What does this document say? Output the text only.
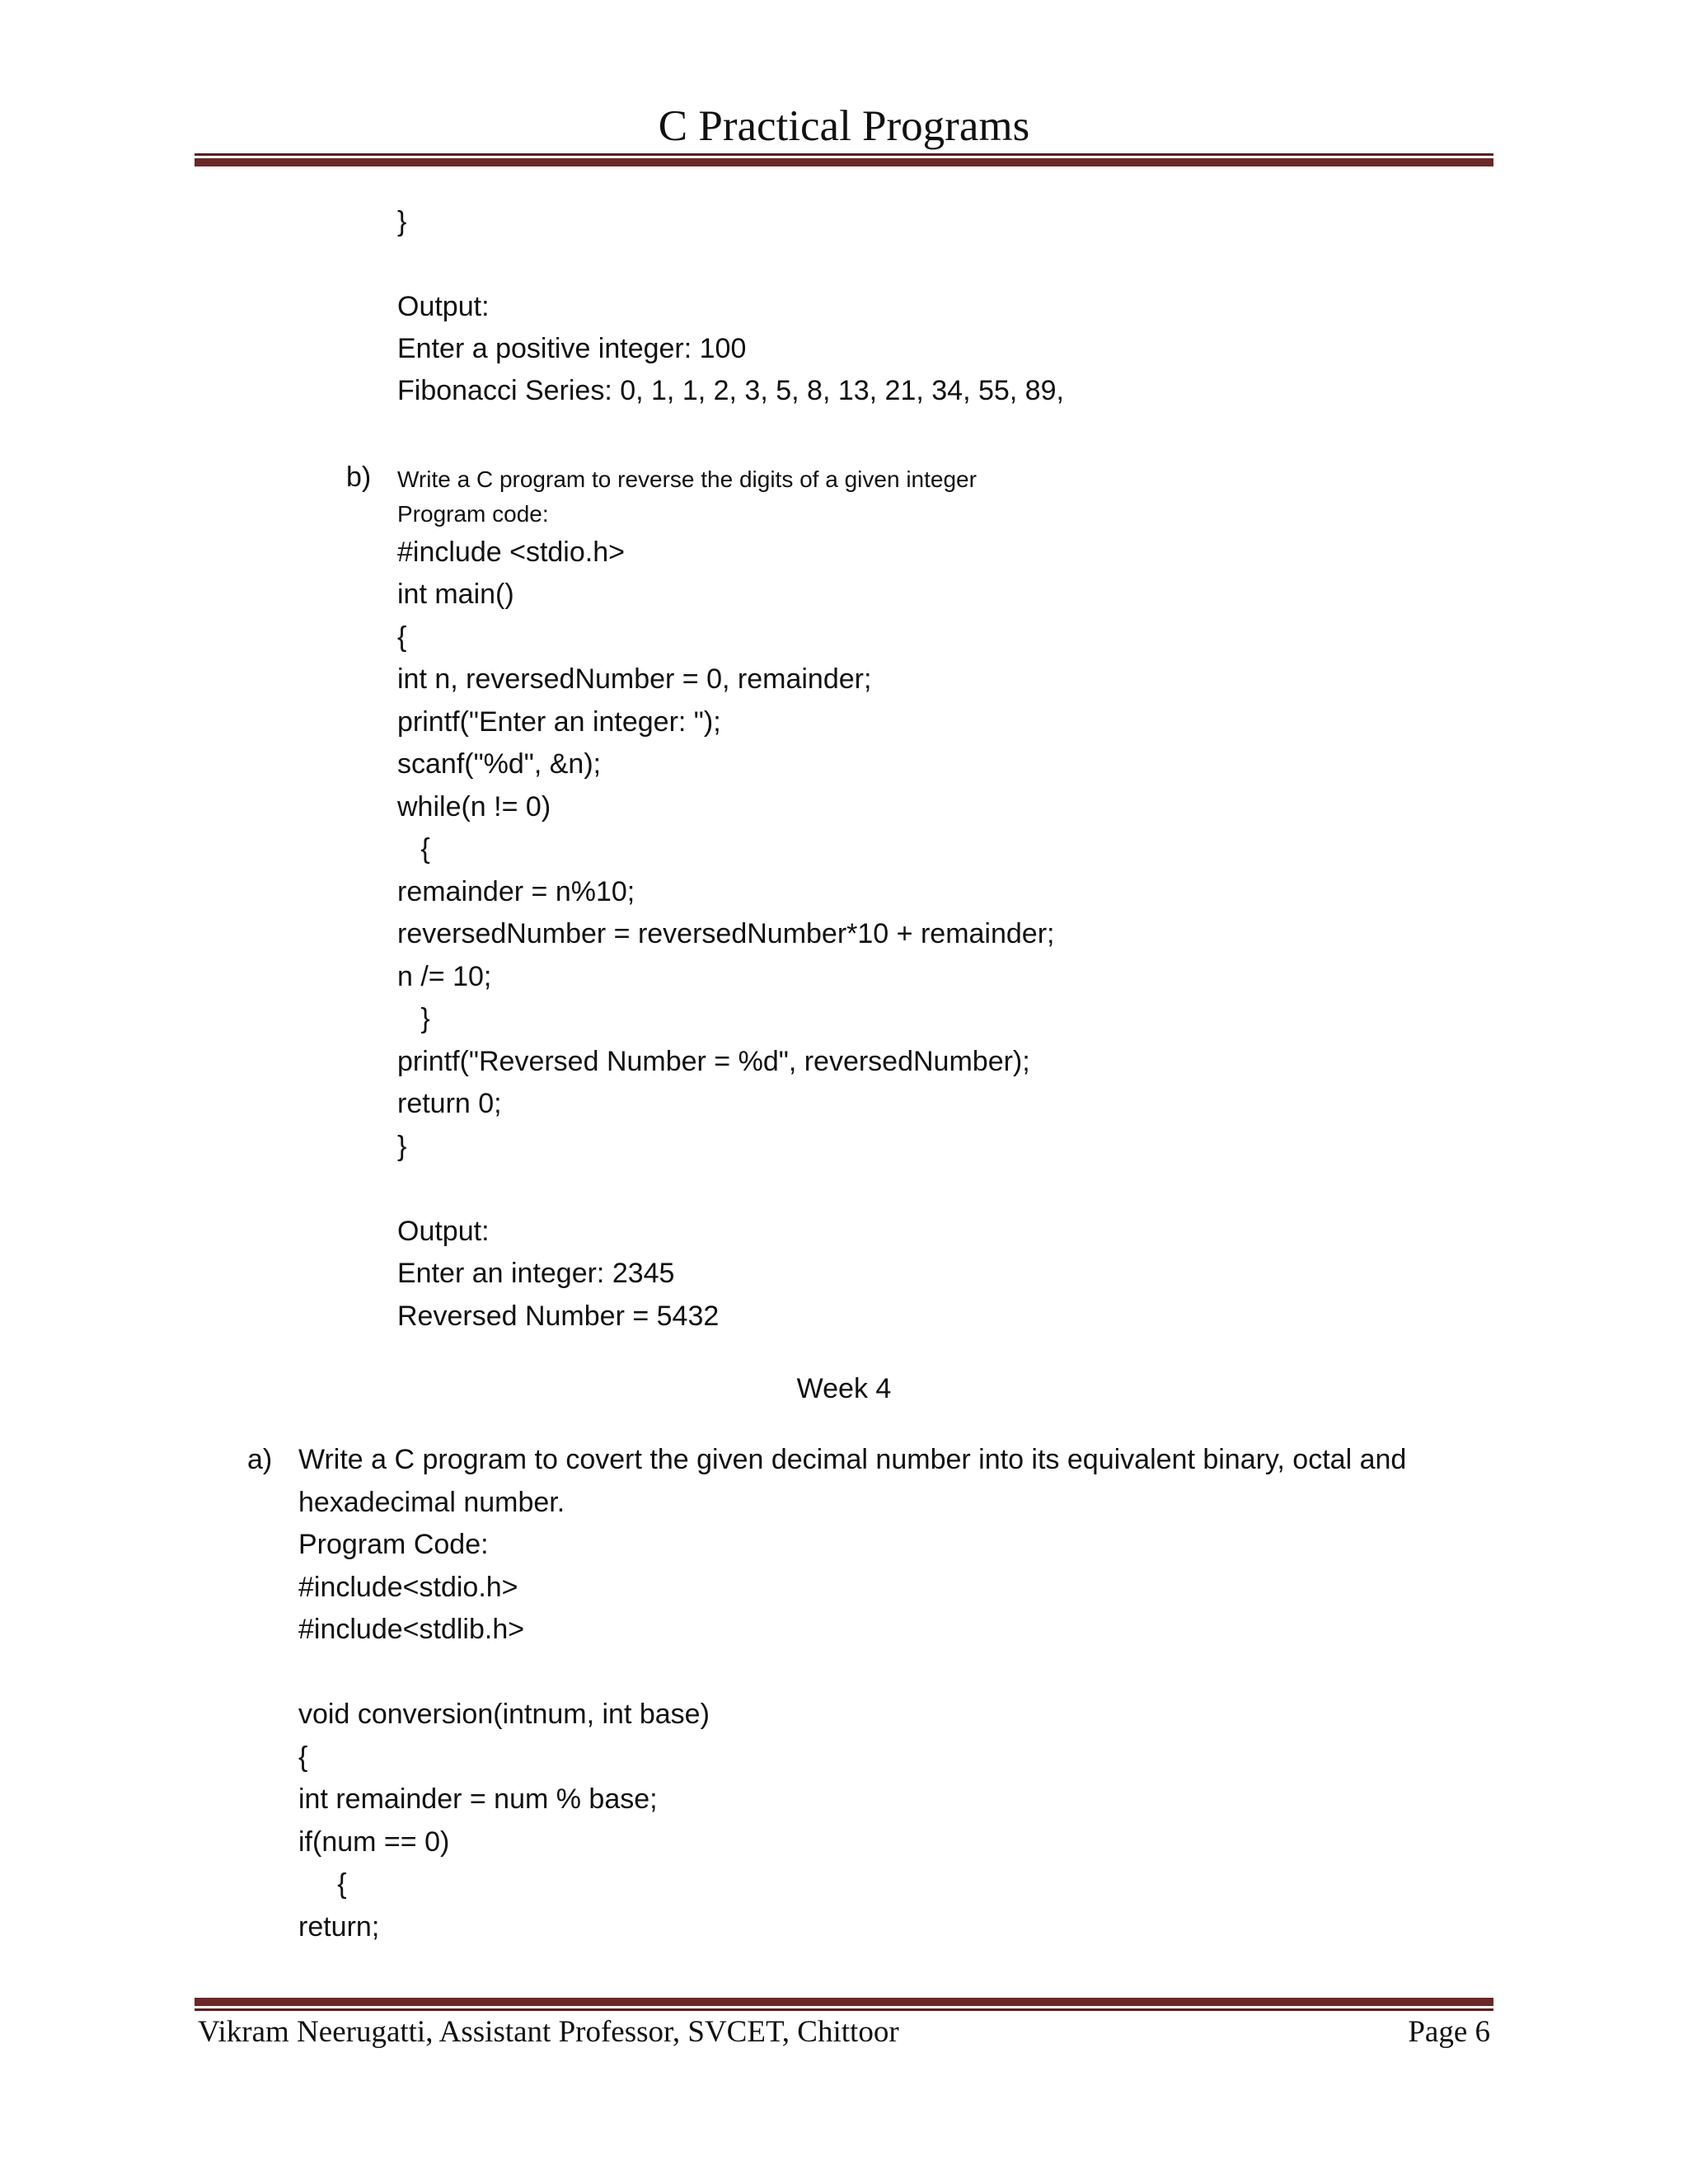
C Practical Programs
}
Output:
Enter a positive integer: 100
Fibonacci Series: 0, 1, 1, 2, 3, 5, 8, 13, 21, 34, 55, 89,
b) Write a C program to reverse the digits of a given integer
Program code:
#include <stdio.h>
int main()
{
int n, reversedNumber = 0, remainder;
printf("Enter an integer: ");
scanf("%d", &n);
while(n != 0)
{
remainder = n%10;
reversedNumber = reversedNumber*10 + remainder;
n /= 10;
}
printf("Reversed Number = %d", reversedNumber);
return 0;
}
Output:
Enter an integer: 2345
Reversed Number = 5432
Week 4
a) Write a C program to covert the given decimal number into its equivalent binary, octal and
hexadecimal number.
Program Code:
#include<stdio.h>
#include<stdlib.h>
void conversion(intnum, int base)
{
int remainder = num % base;
if(num == 0)
{
return;
Vikram Neerugatti, Assistant Professor, SVCET, Chittoor	Page 6
